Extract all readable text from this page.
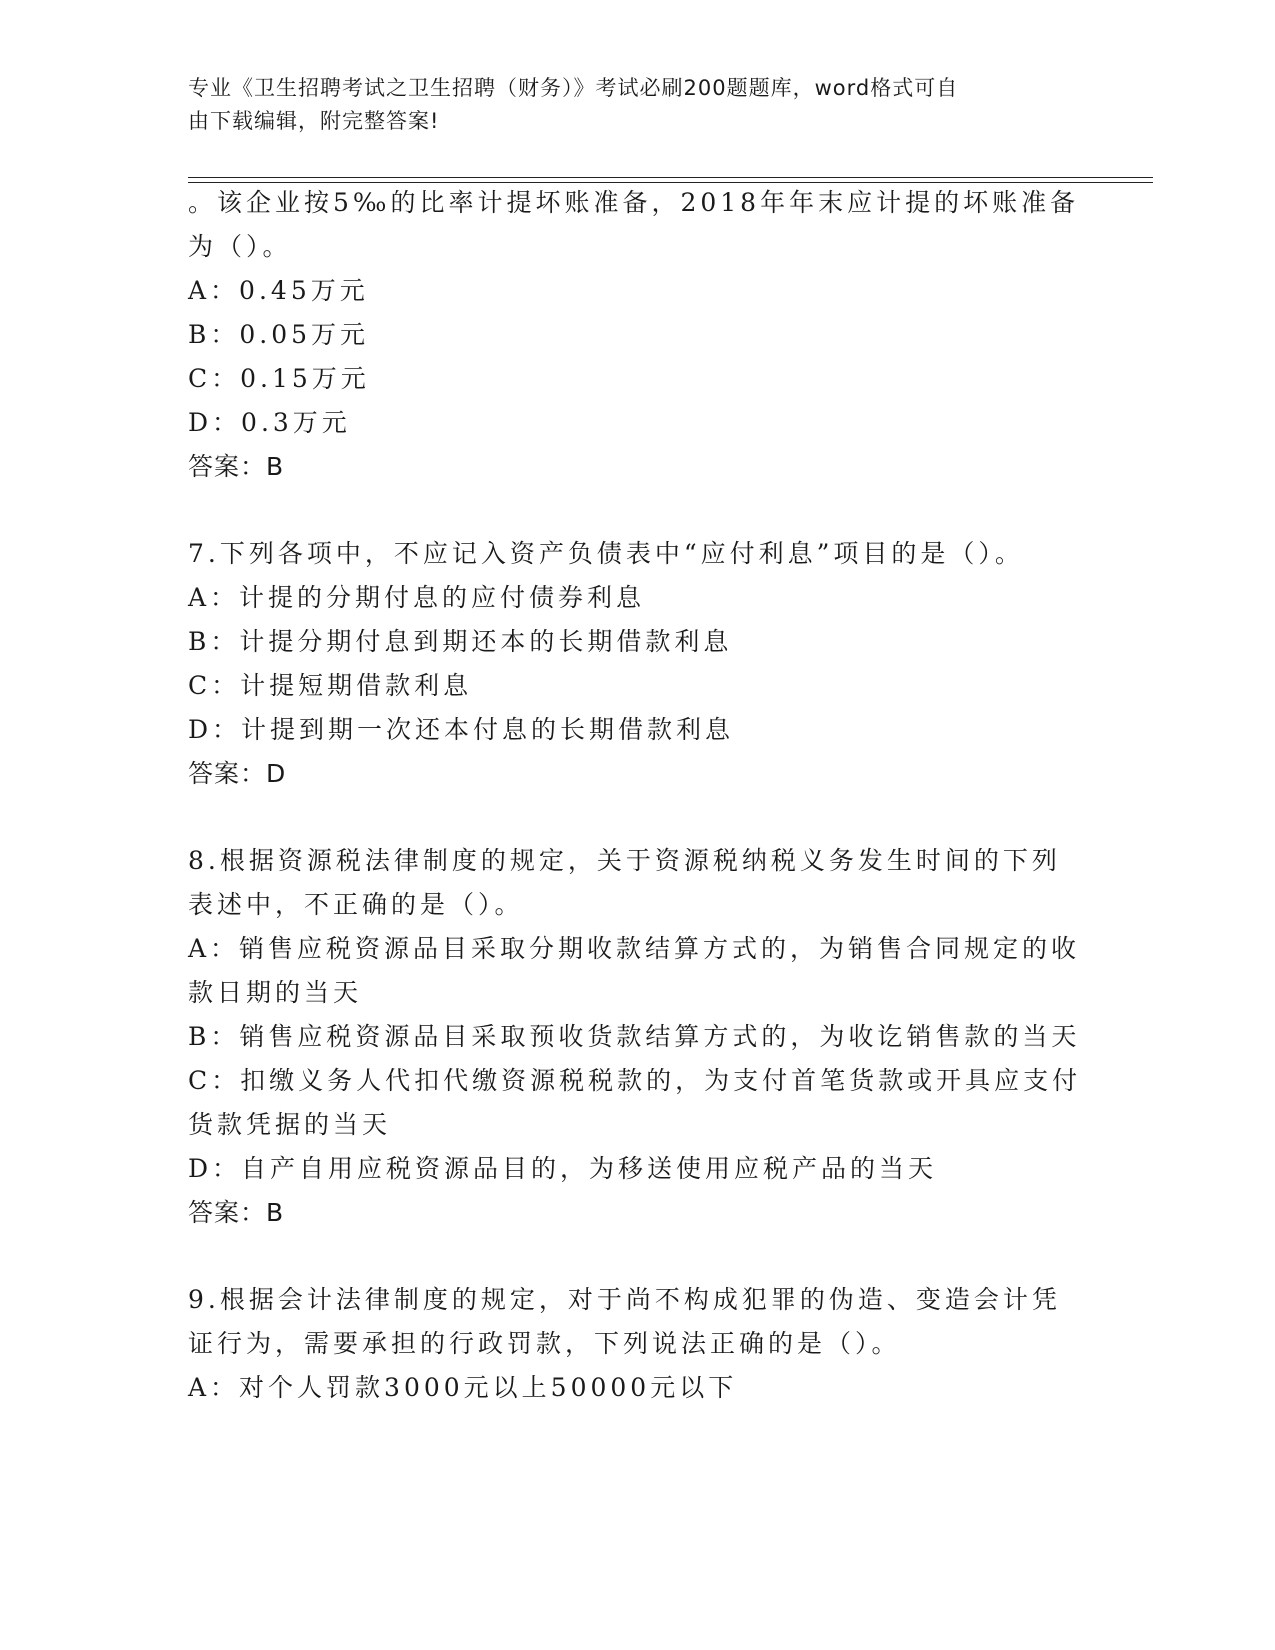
专业《卫生招聘考试之卫生招聘（财务）》考试必刷200题题库，word格式可自
由下载编辑，附完整答案!
。该企业按5‰的比率计提坏账准备，2018年年末应计提的坏账准备
为（）。
A：0.45万元
B：0.05万元
C：0.15万元
D：0.3万元
答案：B
7.下列各项中，不应记入资产负债表中“应付利息”项目的是（）。
A：计提的分期付息的应付债券利息
B：计提分期付息到期还本的长期借款利息
C：计提短期借款利息
D：计提到期一次还本付息的长期借款利息
答案：D
8.根据资源税法律制度的规定，关于资源税纳税义务发生时间的下列
表述中，不正确的是（）。
A：销售应税资源品目采取分期收款结算方式的，为销售合同规定的收
款日期的当天
B：销售应税资源品目采取预收货款结算方式的，为收讫销售款的当天
C：扣缴义务人代扣代缴资源税税款的，为支付首笔货款或开具应支付
货款凭据的当天
D：自产自用应税资源品目的，为移送使用应税产品的当天
答案：B
9.根据会计法律制度的规定，对于尚不构成犯罪的伪造、变造会计凭
证行为，需要承担的行政罚款，下列说法正确的是（）。
A：对个人罚款3000元以上50000元以下
